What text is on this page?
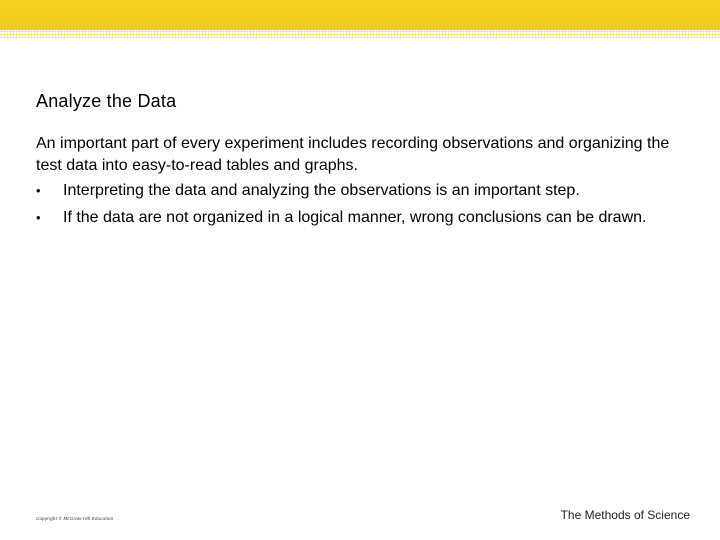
Analyze the Data

An important part of every experiment includes recording observations and organizing the test data into easy-to-read tables and graphs.

• Interpreting the data and analyzing the observations is an important step.
• If the data are not organized in a logical manner, wrong conclusions can be drawn.
Copyright © McGraw-Hill Education	The Methods of Science
